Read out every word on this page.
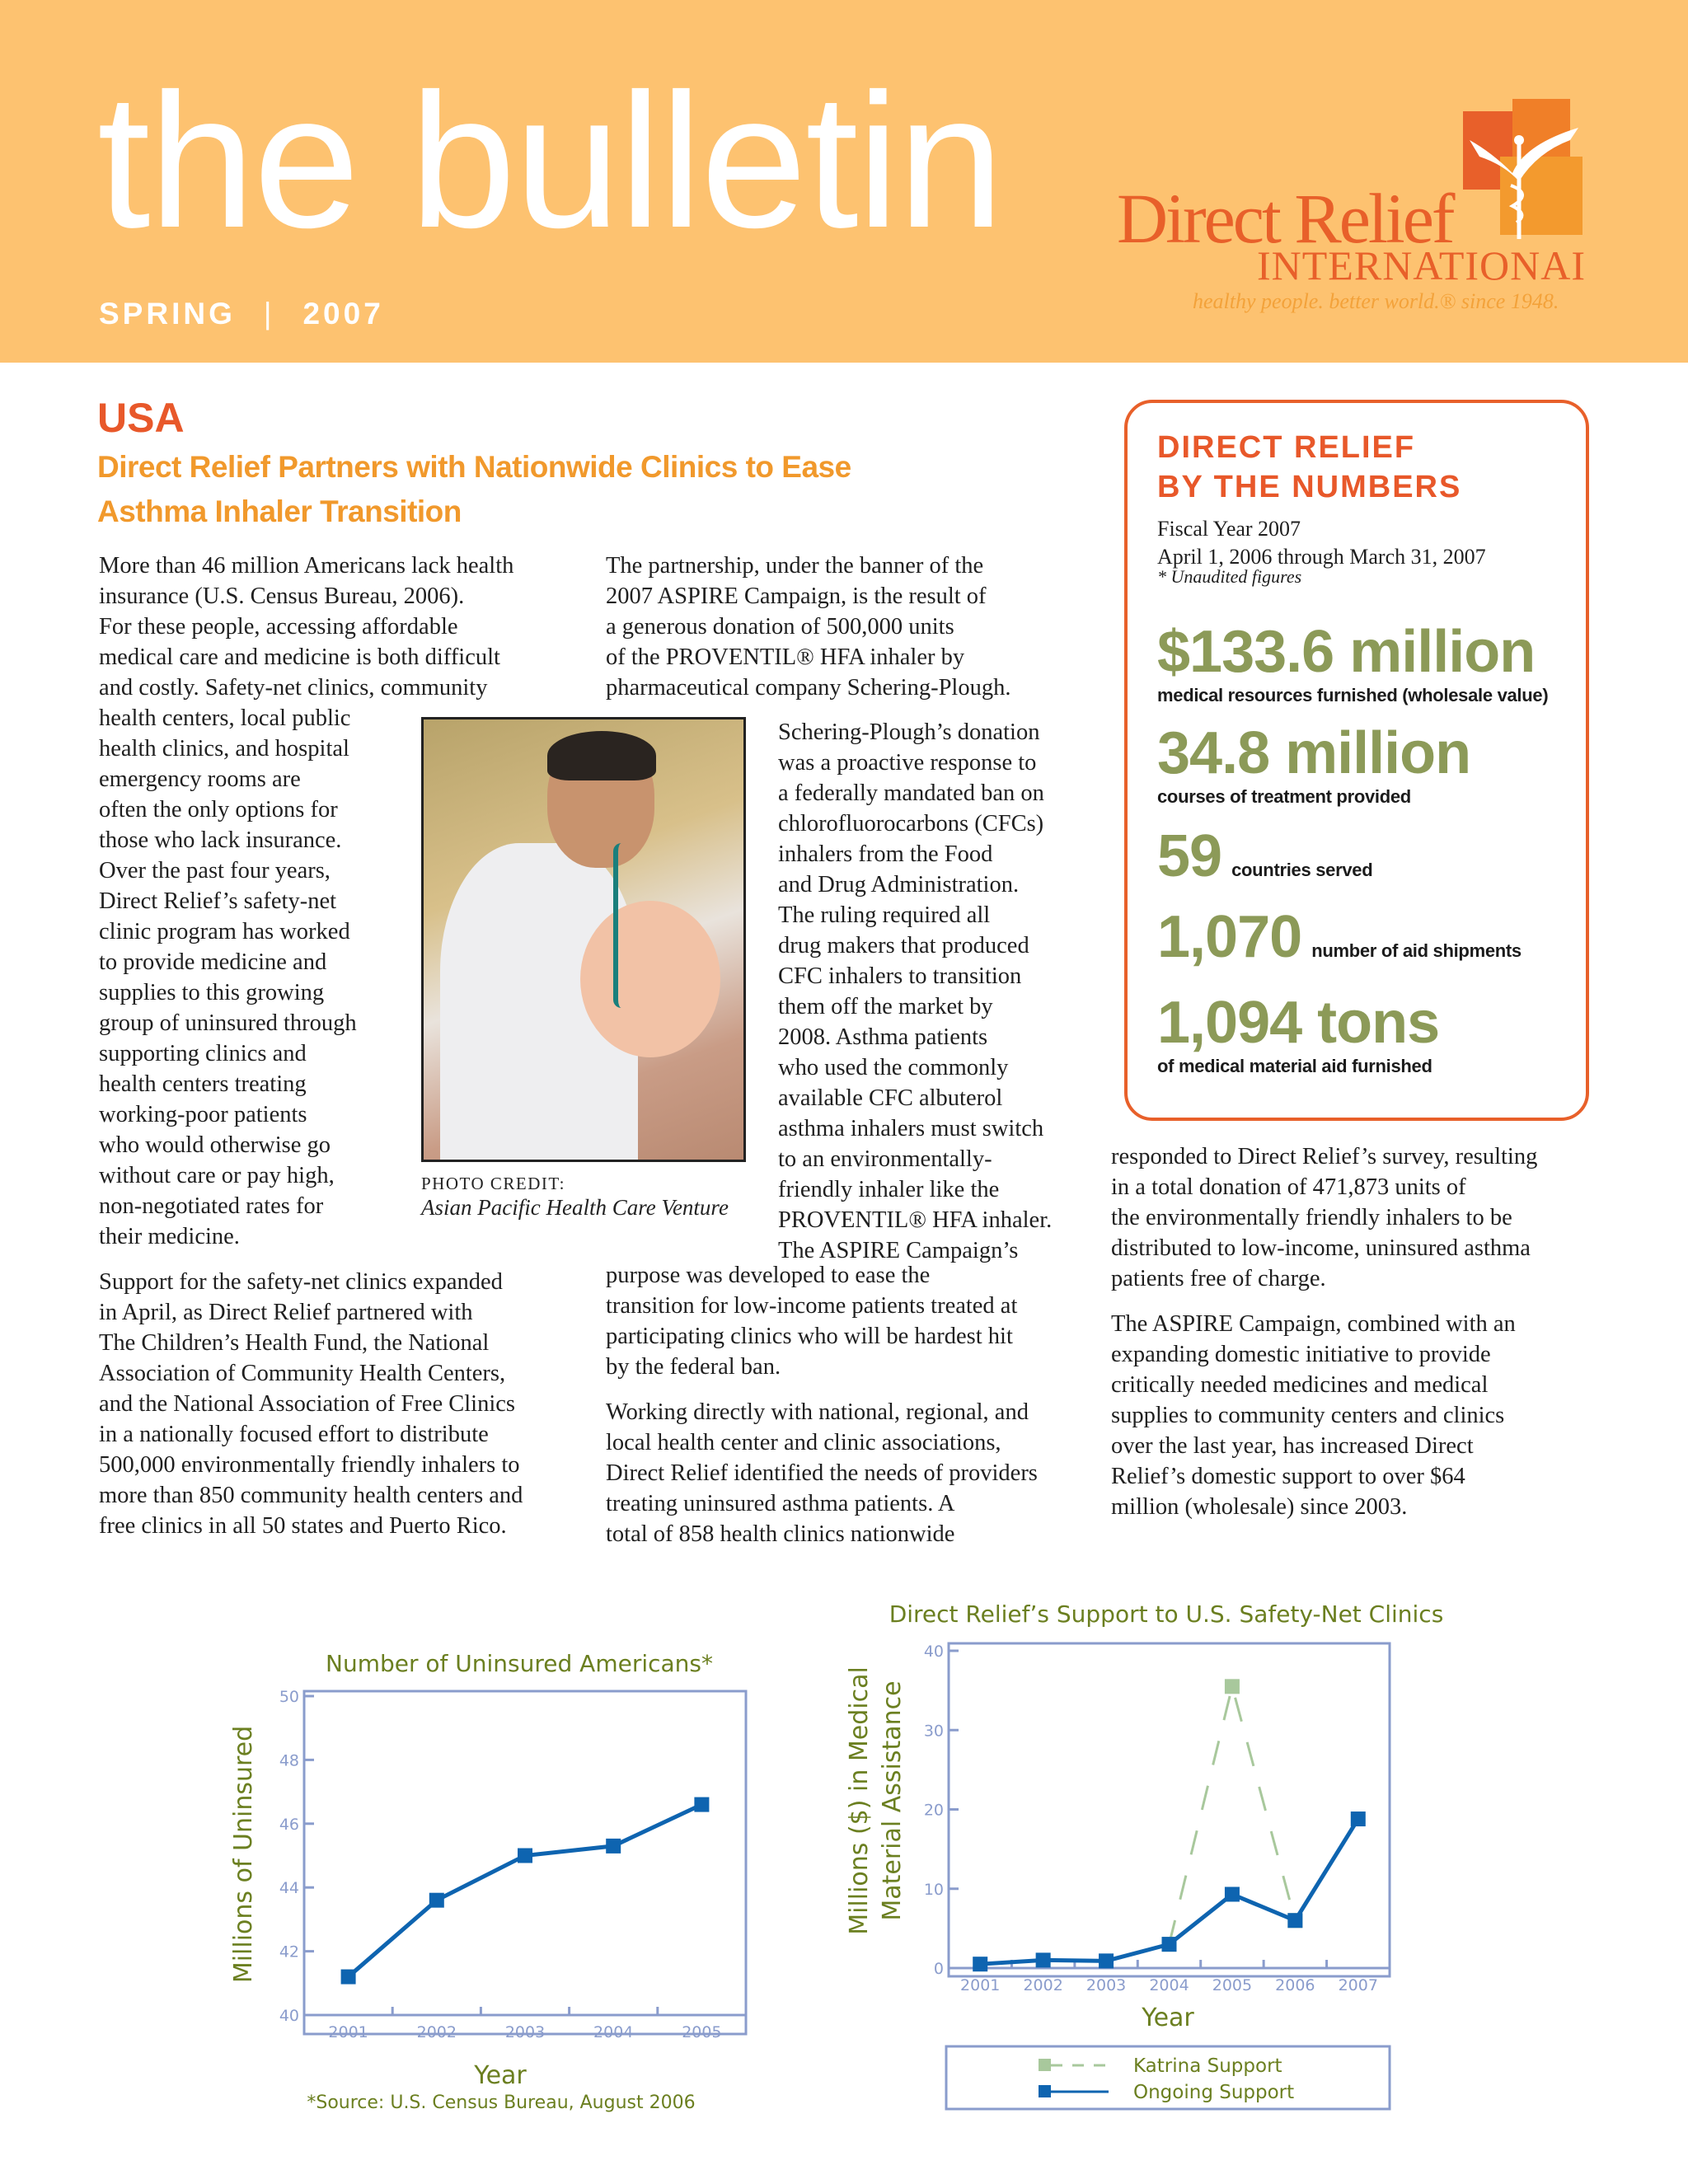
the bulletin
SPRING | 2007
Direct Relief
INTERNATIONAI
healthy people. better world.® since 1948.
USA
Direct Relief Partners with Nationwide Clinics to Ease
Asthma Inhaler Transition
More than 46 million Americans lack health
insurance (U.S. Census Bureau, 2006).
For these people, accessing affordable
medical care and medicine is both difficult
and costly. Safety-net clinics, community
health centers, local public
health clinics, and hospital
emergency rooms are
often the only options for
those who lack insurance.
Over the past four years,
Direct Relief’s safety-net
clinic program has worked
to provide medicine and
supplies to this growing
group of uninsured through
supporting clinics and
health centers treating
working-poor patients
who would otherwise go
without care or pay high,
non-negotiated rates for
their medicine.
Support for the safety-net clinics expanded
in April, as Direct Relief partnered with
The Children’s Health Fund, the National
Association of Community Health Centers,
and the National Association of Free Clinics
in a nationally focused effort to distribute
500,000 environmentally friendly inhalers to
more than 850 community health centers and
free clinics in all 50 states and Puerto Rico.
PHOTO CREDIT:
Asian Pacific Health Care Venture
The partnership, under the banner of the
2007 ASPIRE Campaign, is the result of
a generous donation of 500,000 units
of the PROVENTIL® HFA inhaler by
pharmaceutical company Schering-Plough.
Schering-Plough’s donation
was a proactive response to
a federally mandated ban on
chlorofluorocarbons (CFCs)
inhalers from the Food
and Drug Administration.
The ruling required all
drug makers that produced
CFC inhalers to transition
them off the market by
2008. Asthma patients
who used the commonly
available CFC albuterol
asthma inhalers must switch
to an environmentally-
friendly inhaler like the
PROVENTIL® HFA inhaler.
The ASPIRE Campaign’s
purpose was developed to ease the
transition for low-income patients treated at
participating clinics who will be hardest hit
by the federal ban.
Working directly with national, regional, and
local health center and clinic associations,
Direct Relief identified the needs of providers
treating uninsured asthma patients. A
total of 858 health clinics nationwide
DIRECT RELIEF
BY THE NUMBERS
Fiscal Year 2007
April 1, 2006 through March 31, 2007
* Unaudited figures
$133.6 million
medical resources furnished (wholesale value)
34.8 million
courses of treatment provided
59 countries served
1,070 number of aid shipments
1,094 tons
of medical material aid furnished
responded to Direct Relief’s survey, resulting
in a total donation of 471,873 units of
the environmentally friendly inhalers to be
distributed to low-income, uninsured asthma
patients free of charge.
The ASPIRE Campaign, combined with an
expanding domestic initiative to provide
critically needed medicines and medical
supplies to community centers and clinics
over the last year, has increased Direct
Relief’s domestic support to over $64
million (wholesale) since 2003.
Number of Uninsured Americans*
Millions of Uninsured
Year
*Source: U.S. Census Bureau, August 2006
40
42
44
46
48
50
2001	2002	2003	2004	2005
Direct Relief’s Support to U.S. Safety-Net Clinics
Millions ($) in Medical Material Assistance
Year
Katrina Support
Ongoing Support
0
10
20
30
40
2001 2002 2003 2004 2005 2006 2007
